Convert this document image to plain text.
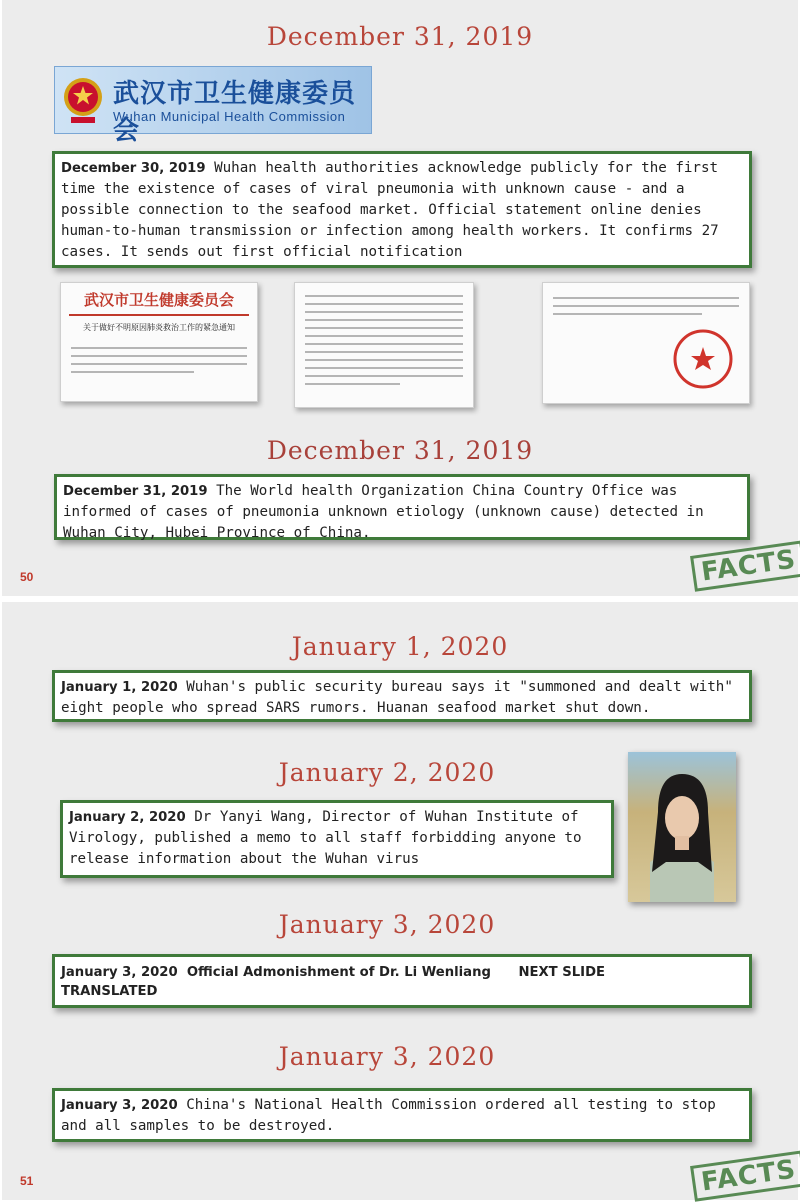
December 31, 2019
武汉市卫生健康委员会
Wuhan Municipal Health Commission
December 30, 2019 Wuhan health authorities acknowledge publicly for the first time the existence of cases of viral pneumonia with unknown cause - and a possible connection to the seafood market. Official statement online denies human-to-human transmission or infection among health workers. It confirms 27 cases. It sends out first official notification
武汉市卫生健康委员会
关于做好不明原因肺炎救治工作的紧急通知
December 31, 2019
December 31, 2019 The World health Organization China Country Office was informed of cases of pneumonia unknown etiology (unknown cause) detected in Wuhan City, Hubei Province of China.
50	FACTS
January 1, 2020
January 1, 2020 Wuhan's public security bureau says it "summoned and dealt with" eight people who spread SARS rumors. Huanan seafood market shut down.
January 2, 2020
January 2, 2020 Dr Yanyi Wang, Director of Wuhan Institute of Virology, published a memo to all staff forbidding anyone to release information about the Wuhan virus
January 3, 2020
January 3, 2020  Official Admonishment of Dr. Li Wenliang      NEXT SLIDE
TRANSLATED
January 3, 2020
January 3, 2020 China's National Health Commission ordered all testing to stop and all samples to be destroyed.
51	FACTS
